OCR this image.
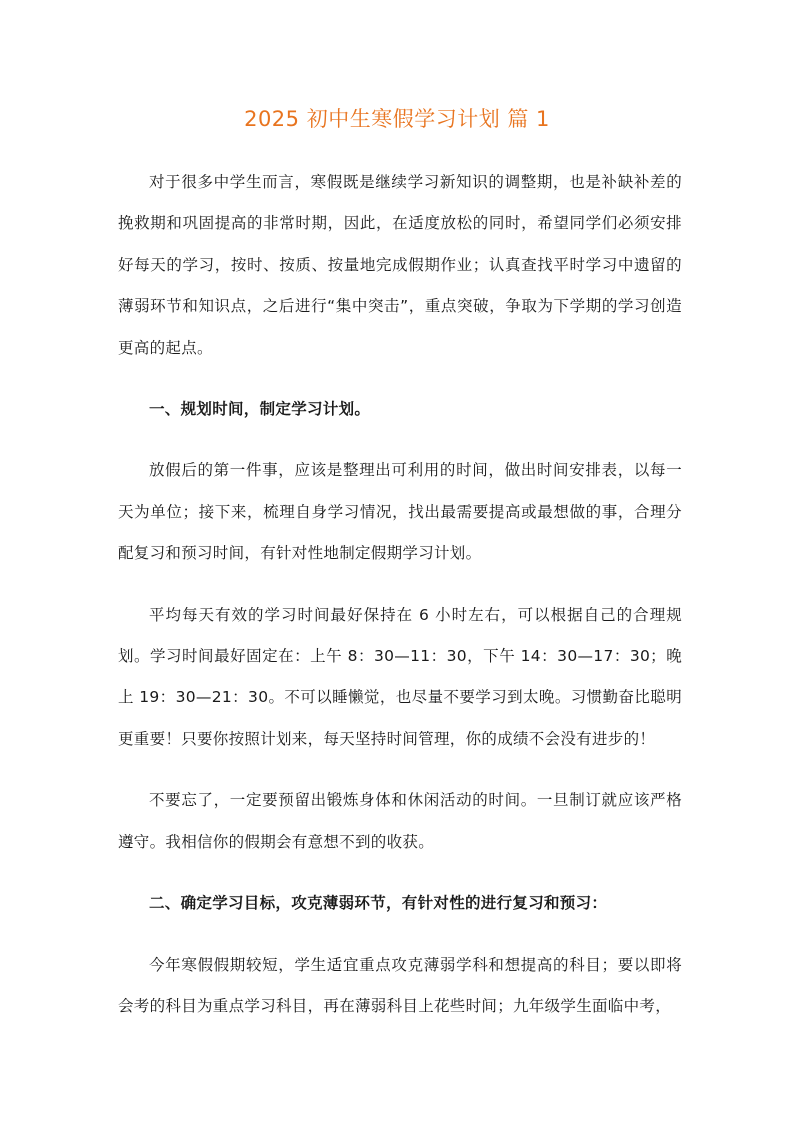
2025 初中生寒假学习计划 篇 1

对于很多中学生而言，寒假既是继续学习新知识的调整期，也是补缺补差的挽救期和巩固提高的非常时期，因此，在适度放松的同时，希望同学们必须安排好每天的学习，按时、按质、按量地完成假期作业；认真查找平时学习中遗留的薄弱环节和知识点，之后进行“集中突击”，重点突破，争取为下学期的学习创造更高的起点。

一、规划时间，制定学习计划。

放假后的第一件事，应该是整理出可利用的时间，做出时间安排表，以每一天为单位；接下来，梳理自身学习情况，找出最需要提高或最想做的事，合理分配复习和预习时间，有针对性地制定假期学习计划。

平均每天有效的学习时间最好保持在 6 小时左右，可以根据自己的合理规划。学习时间最好固定在：上午 8：30—11：30，下午 14：30—17：30；晚上 19：30—21：30。不可以睡懒觉，也尽量不要学习到太晚。习惯勤奋比聪明更重要！只要你按照计划来，每天坚持时间管理，你的成绩不会没有进步的！

不要忘了，一定要预留出锻炼身体和休闲活动的时间。一旦制订就应该严格遵守。我相信你的假期会有意想不到的收获。

二、确定学习目标，攻克薄弱环节，有针对性的进行复习和预习：

今年寒假假期较短，学生适宜重点攻克薄弱学科和想提高的科目；要以即将会考的科目为重点学习科目，再在薄弱科目上花些时间；九年级学生面临中考，
